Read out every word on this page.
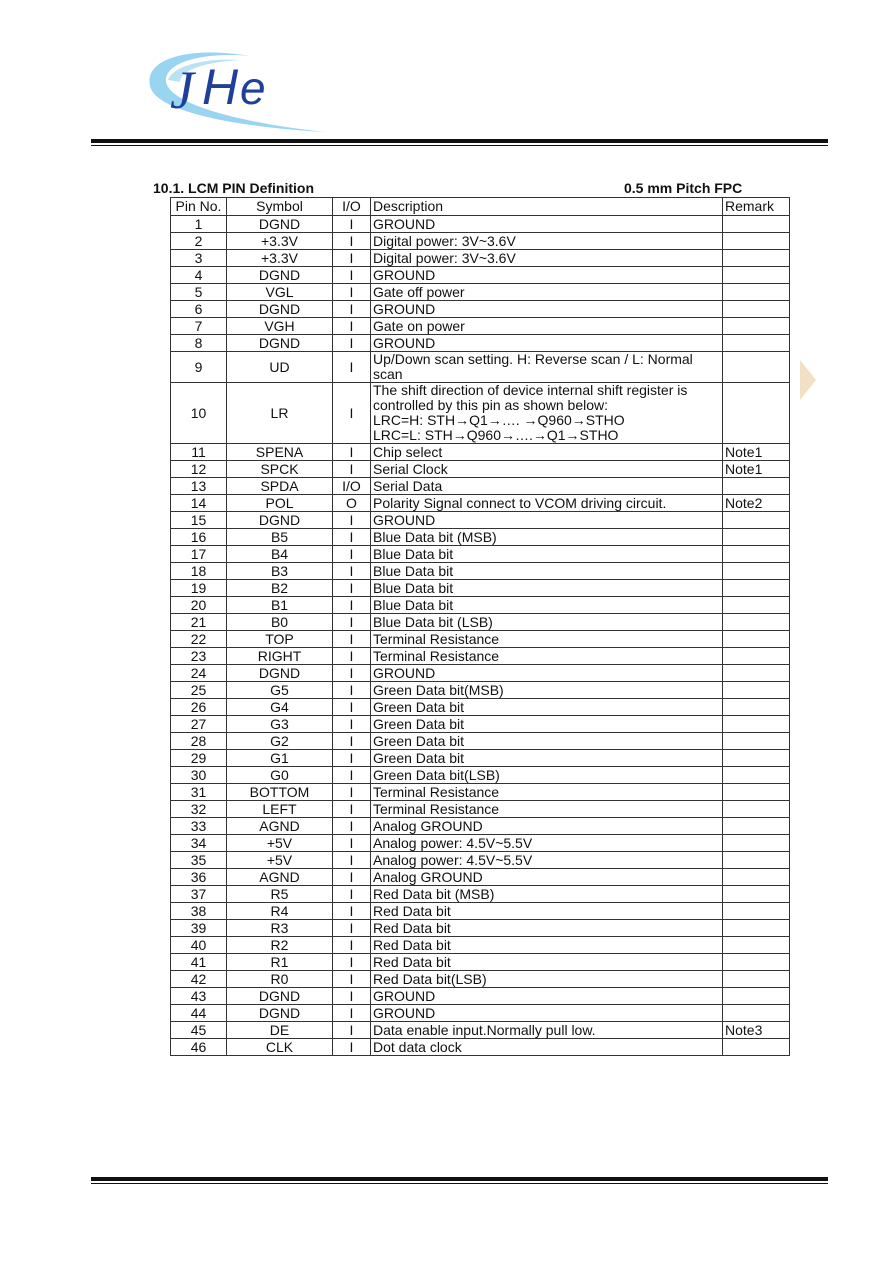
J H e
10.1. LCM PIN Definition	0.5 mm Pitch FPC
Pin No.	Symbol	I/O	Description	Remark
1	DGND	I	GROUND	

2	+3.3V	I	Digital power: 3V~3.6V	

3	+3.3V	I	Digital power: 3V~3.6V	

4	DGND	I	GROUND	

5	VGL	I	Gate off power	

6	DGND	I	GROUND	

7	VGH	I	Gate on power	

8	DGND	I	GROUND	

9	UD	I	Up/Down scan setting. H: Reverse scan / L: Normal
scan	

10	LR	I	The shift direction of device internal shift register is
controlled by this pin as shown below:
LRC=H: STH→Q1→…. →Q960→STHO
LRC=L: STH→Q960→….→Q1→STHO	

11	SPENA	I	Chip select	Note1
12	SPCK	I	Serial Clock	Note1
13	SPDA	I/O	Serial Data	

14	POL	O	Polarity Signal connect to VCOM driving circuit.	Note2
15	DGND	I	GROUND	

16	B5	I	Blue Data bit (MSB)	

17	B4	I	Blue Data bit	

18	B3	I	Blue Data bit	

19	B2	I	Blue Data bit	

20	B1	I	Blue Data bit	

21	B0	I	Blue Data bit (LSB)	

22	TOP	I	Terminal Resistance	

23	RIGHT	I	Terminal Resistance	

24	DGND	I	GROUND	

25	G5	I	Green Data bit(MSB)	

26	G4	I	Green Data bit	

27	G3	I	Green Data bit	

28	G2	I	Green Data bit	

29	G1	I	Green Data bit	

30	G0	I	Green Data bit(LSB)	

31	BOTTOM	I	Terminal Resistance	

32	LEFT	I	Terminal Resistance	

33	AGND	I	Analog GROUND	

34	+5V	I	Analog power: 4.5V~5.5V	

35	+5V	I	Analog power: 4.5V~5.5V	

36	AGND	I	Analog GROUND	

37	R5	I	Red Data bit (MSB)	

38	R4	I	Red Data bit	

39	R3	I	Red Data bit	

40	R2	I	Red Data bit	

41	R1	I	Red Data bit	

42	R0	I	Red Data bit(LSB)	

43	DGND	I	GROUND	

44	DGND	I	GROUND	

45	DE	I	Data enable input.Normally pull low.	Note3
46	CLK	I	Dot data clock	
